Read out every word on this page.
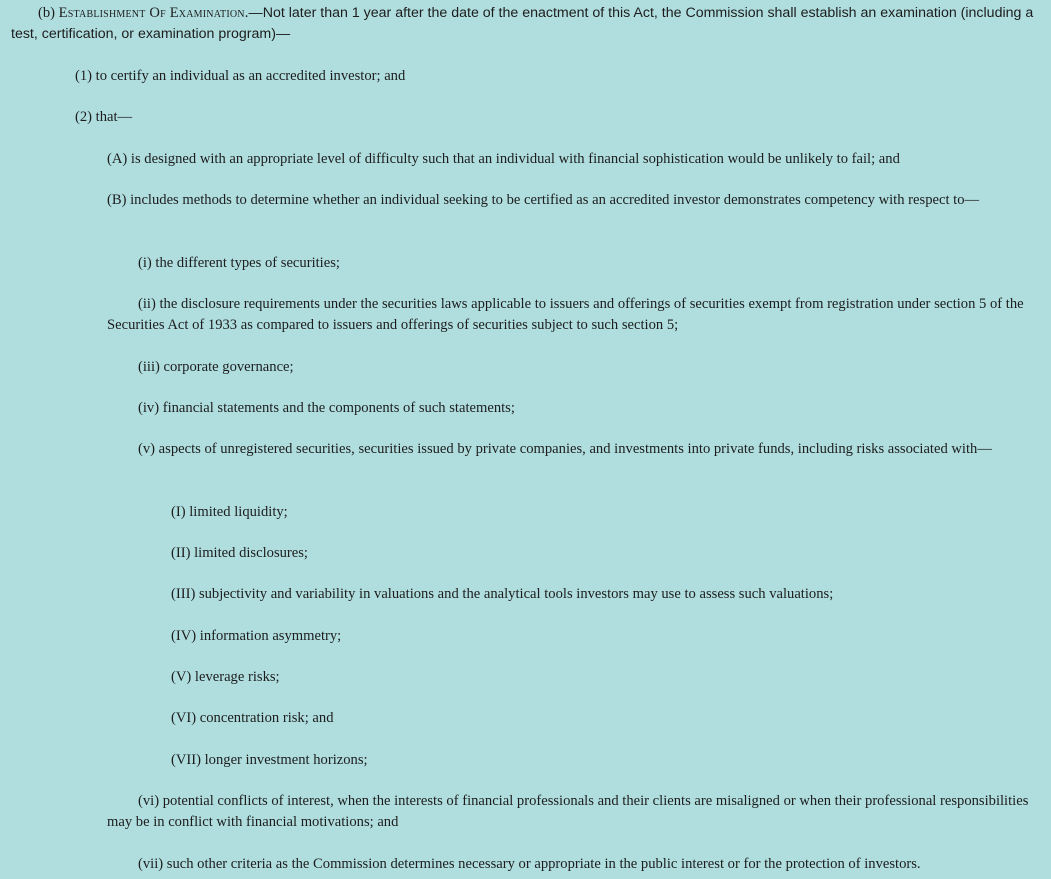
(b) Establishment Of Examination.—Not later than 1 year after the date of the enactment of this Act, the Commission shall establish an examination (including a test, certification, or examination program)—

(1) to certify an individual as an accredited investor; and

(2) that—

(A) is designed with an appropriate level of difficulty such that an individual with financial sophistication would be unlikely to fail; and

(B) includes methods to determine whether an individual seeking to be certified as an accredited investor demonstrates competency with respect to—

(i) the different types of securities;

(ii) the disclosure requirements under the securities laws applicable to issuers and offerings of securities exempt from registration under section 5 of the Securities Act of 1933 as compared to issuers and offerings of securities subject to such section 5;

(iii) corporate governance;

(iv) financial statements and the components of such statements;

(v) aspects of unregistered securities, securities issued by private companies, and investments into private funds, including risks associated with—

(I) limited liquidity;

(II) limited disclosures;

(III) subjectivity and variability in valuations and the analytical tools investors may use to assess such valuations;

(IV) information asymmetry;

(V) leverage risks;

(VI) concentration risk; and

(VII) longer investment horizons;

(vi) potential conflicts of interest, when the interests of financial professionals and their clients are misaligned or when their professional responsibilities may be in conflict with financial motivations; and

(vii) such other criteria as the Commission determines necessary or appropriate in the public interest or for the protection of investors.
